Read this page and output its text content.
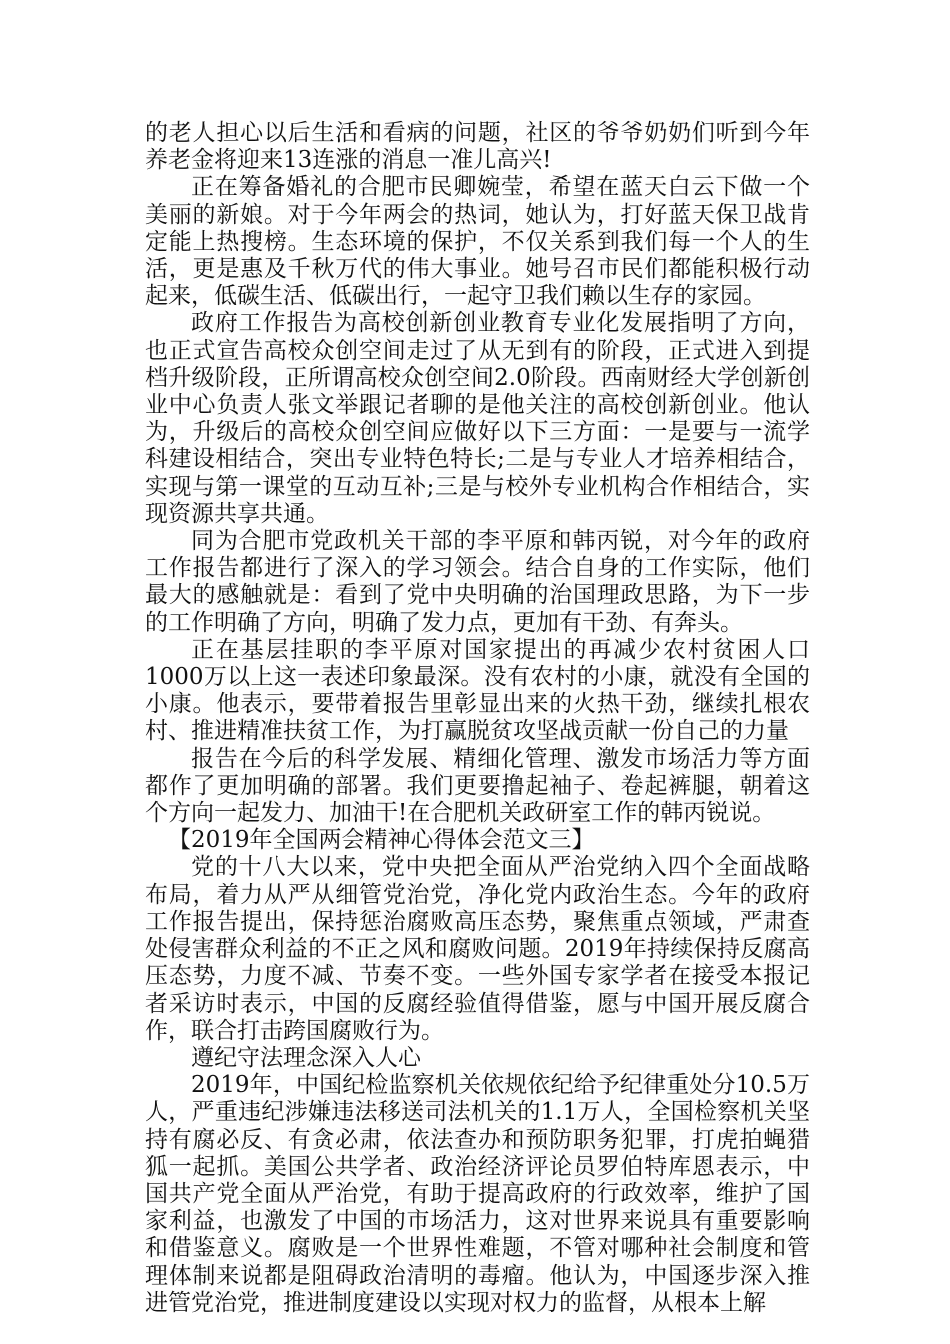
的老人担心以后生活和看病的问题，社区的爷爷奶奶们听到今年养老金将迎来13连涨的消息一准儿高兴!

正在筹备婚礼的合肥市民卿婉莹，希望在蓝天白云下做一个美丽的新娘。对于今年两会的热词，她认为，打好蓝天保卫战肯定能上热搜榜。生态环境的保护，不仅关系到我们每一个人的生活，更是惠及千秋万代的伟大事业。她号召市民们都能积极行动起来，低碳生活、低碳出行，一起守卫我们赖以生存的家园。

政府工作报告为高校创新创业教育专业化发展指明了方向，也正式宣告高校众创空间走过了从无到有的阶段，正式进入到提档升级阶段，正所谓高校众创空间2.0阶段。西南财经大学创新创业中心负责人张文举跟记者聊的是他关注的高校创新创业。他认为，升级后的高校众创空间应做好以下三方面：一是要与一流学科建设相结合，突出专业特色特长;二是与专业人才培养相结合，实现与第一课堂的互动互补;三是与校外专业机构合作相结合，实现资源共享共通。

同为合肥市党政机关干部的李平原和韩丙锐，对今年的政府工作报告都进行了深入的学习领会。结合自身的工作实际，他们最大的感触就是：看到了党中央明确的治国理政思路，为下一步的工作明确了方向，明确了发力点，更加有干劲、有奔头。

正在基层挂职的李平原对国家提出的再减少农村贫困人口1000万以上这一表述印象最深。没有农村的小康，就没有全国的小康。他表示，要带着报告里彰显出来的火热干劲，继续扎根农村、推进精准扶贫工作，为打赢脱贫攻坚战贡献一份自己的力量

报告在今后的科学发展、精细化管理、激发市场活力等方面都作了更加明确的部署。我们更要撸起袖子、卷起裤腿，朝着这个方向一起发力、加油干!在合肥机关政研室工作的韩丙锐说。

【2019年全国两会精神心得体会范文三】

党的十八大以来，党中央把全面从严治党纳入四个全面战略布局，着力从严从细管党治党，净化党内政治生态。今年的政府工作报告提出，保持惩治腐败高压态势，聚焦重点领域，严肃查处侵害群众利益的不正之风和腐败问题。2019年持续保持反腐高压态势，力度不减、节奏不变。一些外国专家学者在接受本报记者采访时表示，中国的反腐经验值得借鉴，愿与中国开展反腐合作，联合打击跨国腐败行为。

遵纪守法理念深入人心

2019年，中国纪检监察机关依规依纪给予纪律重处分10.5万人，严重违纪涉嫌违法移送司法机关的1.1万人，全国检察机关坚持有腐必反、有贪必肃，依法查办和预防职务犯罪，打虎拍蝇猎狐一起抓。美国公共学者、政治经济评论员罗伯特库恩表示，中国共产党全面从严治党，有助于提高政府的行政效率，维护了国家利益，也激发了中国的市场活力，这对世界来说具有重要影响和借鉴意义。腐败是一个世界性难题，不管对哪种社会制度和管理体制来说都是阻碍政治清明的毒瘤。他认为，中国逐步深入推进管党治党，推进制度建设以实现对权力的监督，从根本上解
